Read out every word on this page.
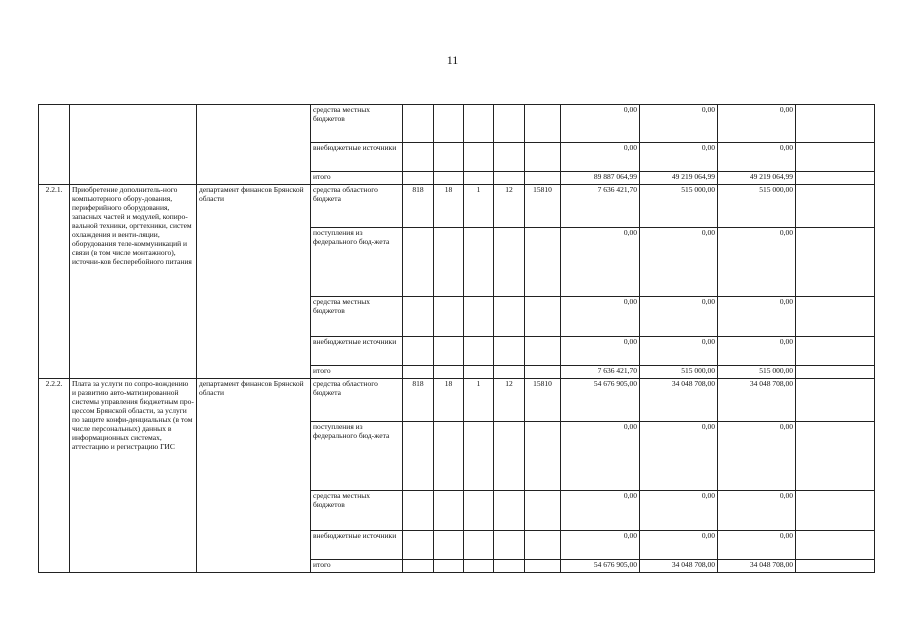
11
			средства местных бюджетов						0,00	0,00	0,00	
			внебюджетные источники						0,00	0,00	0,00	
			итого						89 887 064,99	49 219 064,99	49 219 064,99	
2.2.1.	Приобретение дополнитель-ного компьютерного обору-дования, периферийного оборудования, запасных частей и модулей, копиро-вальной техники, оргтехники, систем охлаждения и венти-ляции, оборудования теле-коммуникаций и связи (в том числе монтажного), источни-ков бесперебойного питания	департамент финансов Брянской области	средства областного бюджета	818	18	1	12	15810	7 636 421,70	515 000,00	515 000,00	
			поступления из федерального бюд-жета						0,00	0,00	0,00	
			средства местных бюджетов						0,00	0,00	0,00	
			внебюджетные источники						0,00	0,00	0,00	
			итого						7 636 421,70	515 000,00	515 000,00	
2.2.2.	Плата за услуги по сопро-вождению и развитию авто-матизированной системы управления бюджетным про-цессом Брянской области, за услуги по защите конфи-денциальных (в том числе персональных) данных в информационных системах, аттестацию и регистрацию ГИС	департамент финансов Брянской области	средства областного бюджета	818	18	1	12	15810	54 676 905,00	34 048 708,00	34 048 708,00	
			поступления из федерального бюд-жета						0,00	0,00	0,00	
			средства местных бюджетов						0,00	0,00	0,00	
			внебюджетные источники						0,00	0,00	0,00	
			итого						54 676 905,00	34 048 708,00	34 048 708,00	
